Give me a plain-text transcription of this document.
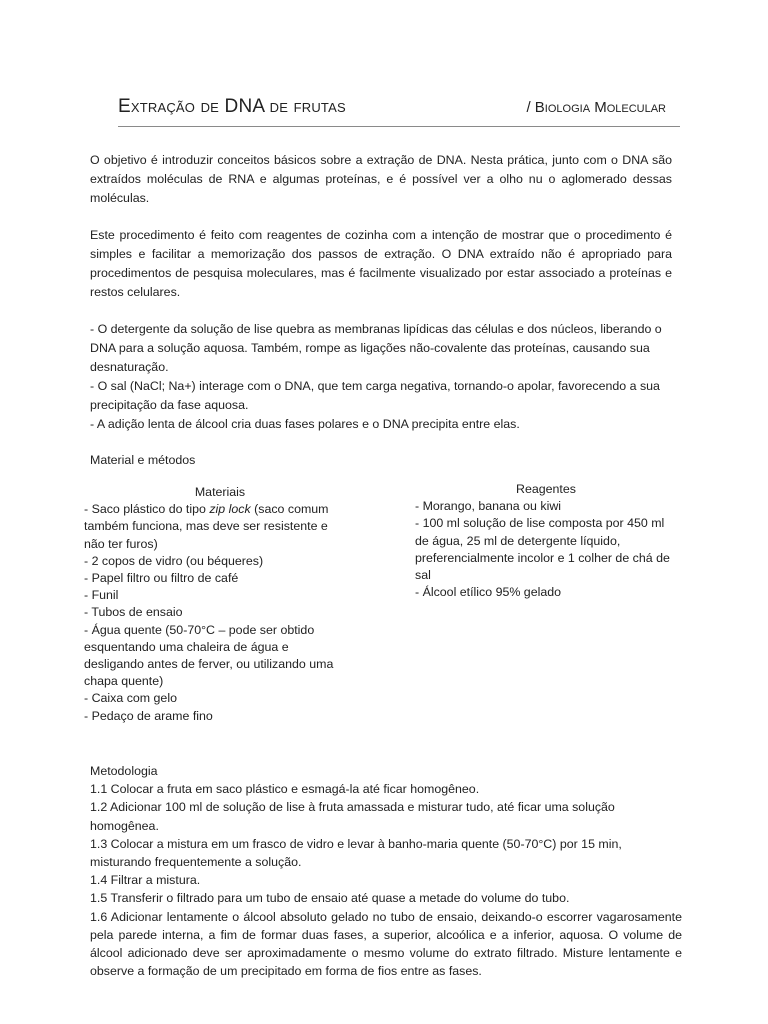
Extração de DNA de frutas	/ Biologia Molecular
O objetivo é introduzir conceitos básicos sobre a extração de DNA. Nesta prática, junto com o DNA são extraídos moléculas de RNA e algumas proteínas, e é possível ver a olho nu o aglomerado dessas moléculas.
Este procedimento é feito com reagentes de cozinha com a intenção de mostrar que o procedimento é simples e facilitar a memorização dos passos de extração. O DNA extraído não é apropriado para procedimentos de pesquisa moleculares, mas é facilmente visualizado por estar associado a proteínas e restos celulares.
- O detergente da solução de lise quebra as membranas lipídicas das células e dos núcleos, liberando o DNA para a solução aquosa. Também, rompe as ligações não-covalente das proteínas, causando sua desnaturação.
- O sal (NaCl; Na+) interage com o DNA, que tem carga negativa, tornando-o apolar, favorecendo a sua precipitação da fase aquosa.
- A adição lenta de álcool cria duas fases polares e o DNA precipita entre elas.
Material e métodos
Materiais
- Saco plástico do tipo zip lock (saco comum também funciona, mas deve ser resistente e não ter furos)
- 2 copos de vidro (ou béqueres)
- Papel filtro ou filtro de café
- Funil
- Tubos de ensaio
- Água quente (50-70°C – pode ser obtido esquentando uma chaleira de água e desligando antes de ferver, ou utilizando uma chapa quente)
- Caixa com gelo
- Pedaço de arame fino
Reagentes
- Morango, banana ou kiwi
- 100 ml solução de lise composta por 450 ml de água, 25 ml de detergente líquido, preferencialmente incolor e 1 colher de chá de sal
- Álcool etílico 95% gelado
Metodologia
1.1 Colocar a fruta em saco plástico e esmagá-la até ficar homogêneo.
1.2 Adicionar 100 ml de solução de lise à fruta amassada e misturar tudo, até ficar uma solução homogênea.
1.3 Colocar a mistura em um frasco de vidro e levar à banho-maria quente (50-70°C) por 15 min, misturando frequentemente a solução.
1.4 Filtrar a mistura.
1.5 Transferir o filtrado para um tubo de ensaio até quase a metade do volume do tubo.
1.6 Adicionar lentamente o álcool absoluto gelado no tubo de ensaio, deixando-o escorrer vagarosamente pela parede interna, a fim de formar duas fases, a superior, alcoólica e a inferior, aquosa. O volume de álcool adicionado deve ser aproximadamente o mesmo volume do extrato filtrado. Misture lentamente e observe a formação de um precipitado em forma de fios entre as fases.
